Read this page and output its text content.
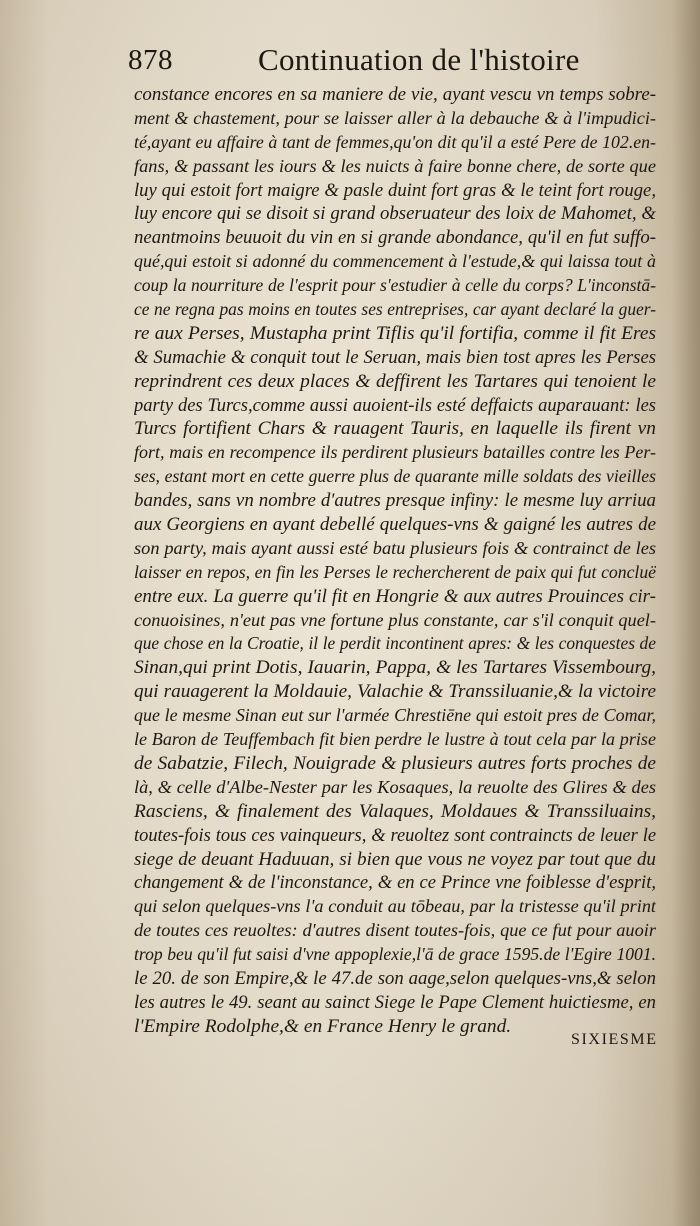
878	Continuation de l'histoire
constance encores en sa maniere de vie, ayant vescu vn temps sobre-
ment & chastement, pour se laisser aller à la debauche & à l'impudici-
té,ayant eu affaire à tant de femmes,qu'on dit qu'il a esté Pere de 102.en-
fans, & passant les iours & les nuicts à faire bonne chere, de sorte que
luy qui estoit fort maigre & pasle duint fort gras & le teint fort rouge,
luy encore qui se disoit si grand obseruateur des loix de Mahomet, &
neantmoins beuuoit du vin en si grande abondance, qu'il en fut suffo-
qué,qui estoit si adonné du commencement à l'estude,& qui laissa tout à
coup la nourriture de l'esprit pour s'estudier à celle du corps? L'inconstā-
ce ne regna pas moins en toutes ses entreprises, car ayant declaré la guer-
re aux Perses, Mustapha print Tiflis qu'il fortifia, comme il fit Eres
& Sumachie & conquit tout le Seruan, mais bien tost apres les Perses
reprindrent ces deux places & deffirent les Tartares qui tenoient le
party des Turcs,comme aussi auoient-ils esté deffaicts auparauant: les
Turcs fortifient Chars & rauagent Tauris, en laquelle ils firent vn
fort, mais en recompence ils perdirent plusieurs batailles contre les Per-
ses, estant mort en cette guerre plus de quarante mille soldats des vieilles
bandes, sans vn nombre d'autres presque infiny: le mesme luy arriua
aux Georgiens en ayant debellé quelques-vns & gaigné les autres de
son party, mais ayant aussi esté batu plusieurs fois & contrainct de les
laisser en repos, en fin les Perses le rechercherent de paix qui fut concluë
entre eux. La guerre qu'il fit en Hongrie & aux autres Prouinces cir-
conuoisines, n'eut pas vne fortune plus constante, car s'il conquit quel-
que chose en la Croatie, il le perdit incontinent apres: & les conquestes de
Sinan,qui print Dotis, Iauarin, Pappa, & les Tartares Vissembourg,
qui rauagerent la Moldauie, Valachie & Transsiluanie,& la victoire
que le mesme Sinan eut sur l'armée Chrestiēne qui estoit pres de Comar,
le Baron de Teuffembach fit bien perdre le lustre à tout cela par la prise
de Sabatzie, Filech, Nouigrade & plusieurs autres forts proches de
là, & celle d'Albe-Nester par les Kosaques, la reuolte des Glires & des
Rasciens, & finalement des Valaques, Moldaues & Transsiluains,
toutes-fois tous ces vainqueurs, & reuoltez sont contraincts de leuer le
siege de deuant Haduuan, si bien que vous ne voyez par tout que du
changement & de l'inconstance, & en ce Prince vne foiblesse d'esprit,
qui selon quelques-vns l'a conduit au tōbeau, par la tristesse qu'il print
de toutes ces reuoltes: d'autres disent toutes-fois, que ce fut pour auoir
trop beu qu'il fut saisi d'vne appoplexie,l'ā de grace 1595.de l'Egire 1001.
le 20. de son Empire,& le 47.de son aage,selon quelques-vns,& selon
les autres le 49. seant au sainct Siege le Pape Clement huictiesme, en
l'Empire Rodolphe,& en France Henry le grand.
SIXIESME
